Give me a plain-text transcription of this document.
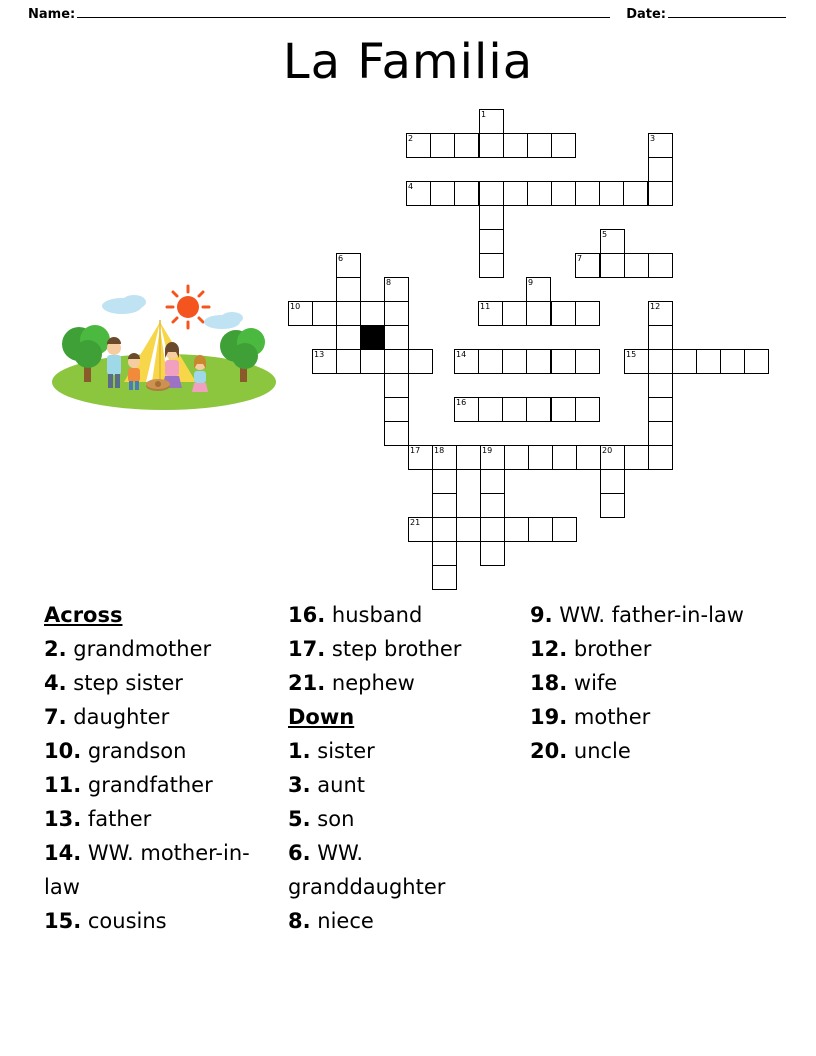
Name:	Date:
La Familia
1
2	3
4
5
7
6
8
10
9
11	12
13	14	15
16
17 18	19	20
21
Across
2. grandmother
4. step sister
7. daughter
10. grandson
11. grandfather
13. father
14. WW. mother-in-law
15. cousins
16. husband
17. step brother
21. nephew
Down
1. sister
3. aunt
5. son
6. WW. granddaughter
8. niece
9. WW. father-in-law
12. brother
18. wife
19. mother
20. uncle
